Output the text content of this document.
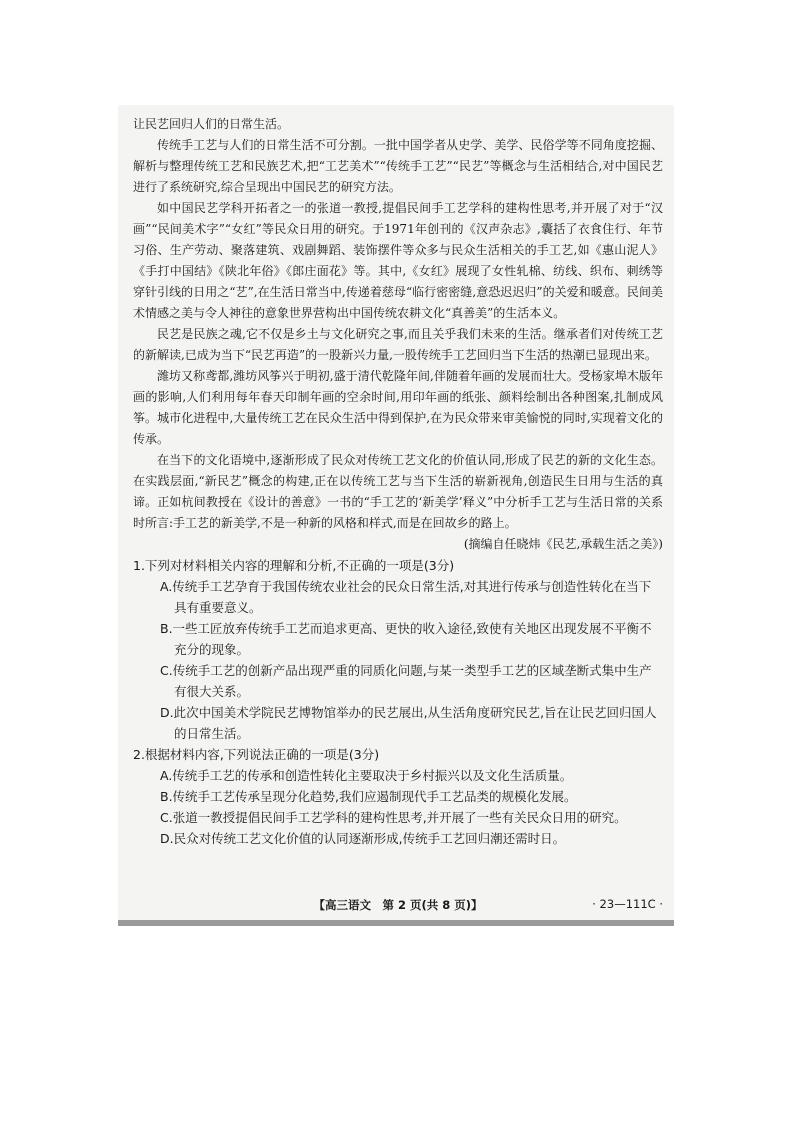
让民艺回归人们的日常生活。

传统手工艺与人们的日常生活不可分割。一批中国学者从史学、美学、民俗学等不同角度挖掘、解析与整理传统工艺和民族艺术,把“工艺美术”“传统手工艺”“民艺”等概念与生活相结合,对中国民艺进行了系统研究,综合呈现出中国民艺的研究方法。

如中国民艺学科开拓者之一的张道一教授,提倡民间手工艺学科的建构性思考,并开展了对于“汉画”“民间美术字”“女红”等民众日用的研究。于1971年创刊的《汉声杂志》,囊括了衣食住行、年节习俗、生产劳动、聚落建筑、戏剧舞蹈、装饰摆件等众多与民众生活相关的手工艺,如《惠山泥人》《手打中国结》《陕北年俗》《郎庄面花》等。其中,《女红》展现了女性轧棉、纺线、织布、刺绣等穿针引线的日用之“艺”,在生活日常当中,传递着慈母“临行密密缝,意恐迟迟归”的关爱和暖意。民间美术情感之美与令人神往的意象世界营构出中国传统农耕文化“真善美”的生活本义。

民艺是民族之魂,它不仅是乡土与文化研究之事,而且关乎我们未来的生活。继承者们对传统工艺的新解读,已成为当下“民艺再造”的一股新兴力量,一股传统手工艺回归当下生活的热潮已显现出来。

潍坊又称鸢都,潍坊风筝兴于明初,盛于清代乾隆年间,伴随着年画的发展而壮大。受杨家埠木版年画的影响,人们利用每年春天印制年画的空余时间,用印年画的纸张、颜料绘制出各种图案,扎制成风筝。城市化进程中,大量传统工艺在民众生活中得到保护,在为民众带来审美愉悦的同时,实现着文化的传承。

在当下的文化语境中,逐渐形成了民众对传统工艺文化的价值认同,形成了民艺的新的文化生态。在实践层面,“新民艺”概念的构建,正在以传统工艺与当下生活的崭新视角,创造民生日用与生活的真谛。正如杭间教授在《设计的善意》一书的“手工艺的‘新美学’释义”中分析手工艺与生活日常的关系时所言:手工艺的新美学,不是一种新的风格和样式,而是在回故乡的路上。

(摘编自任晓炜《民艺,承载生活之美》)

1.下列对材料相关内容的理解和分析,不正确的一项是(3分)

A.传统手工艺孕育于我国传统农业社会的民众日常生活,对其进行传承与创造性转化在当下具有重要意义。

B.一些工匠放弃传统手工艺而追求更高、更快的收入途径,致使有关地区出现发展不平衡不充分的现象。

C.传统手工艺的创新产品出现严重的同质化问题,与某一类型手工艺的区域垄断式集中生产有很大关系。

D.此次中国美术学院民艺博物馆举办的民艺展出,从生活角度研究民艺,旨在让民艺回归国人的日常生活。

2.根据材料内容,下列说法正确的一项是(3分)

A.传统手工艺的传承和创造性转化主要取决于乡村振兴以及文化生活质量。

B.传统手工艺传承呈现分化趋势,我们应遏制现代手工艺品类的规模化发展。

C.张道一教授提倡民间手工艺学科的建构性思考,并开展了一些有关民众日用的研究。

D.民众对传统工艺文化价值的认同逐渐形成,传统手工艺回归潮还需时日。

【高三语文　第 2 页(共 8 页)】	· 23—111C ·
